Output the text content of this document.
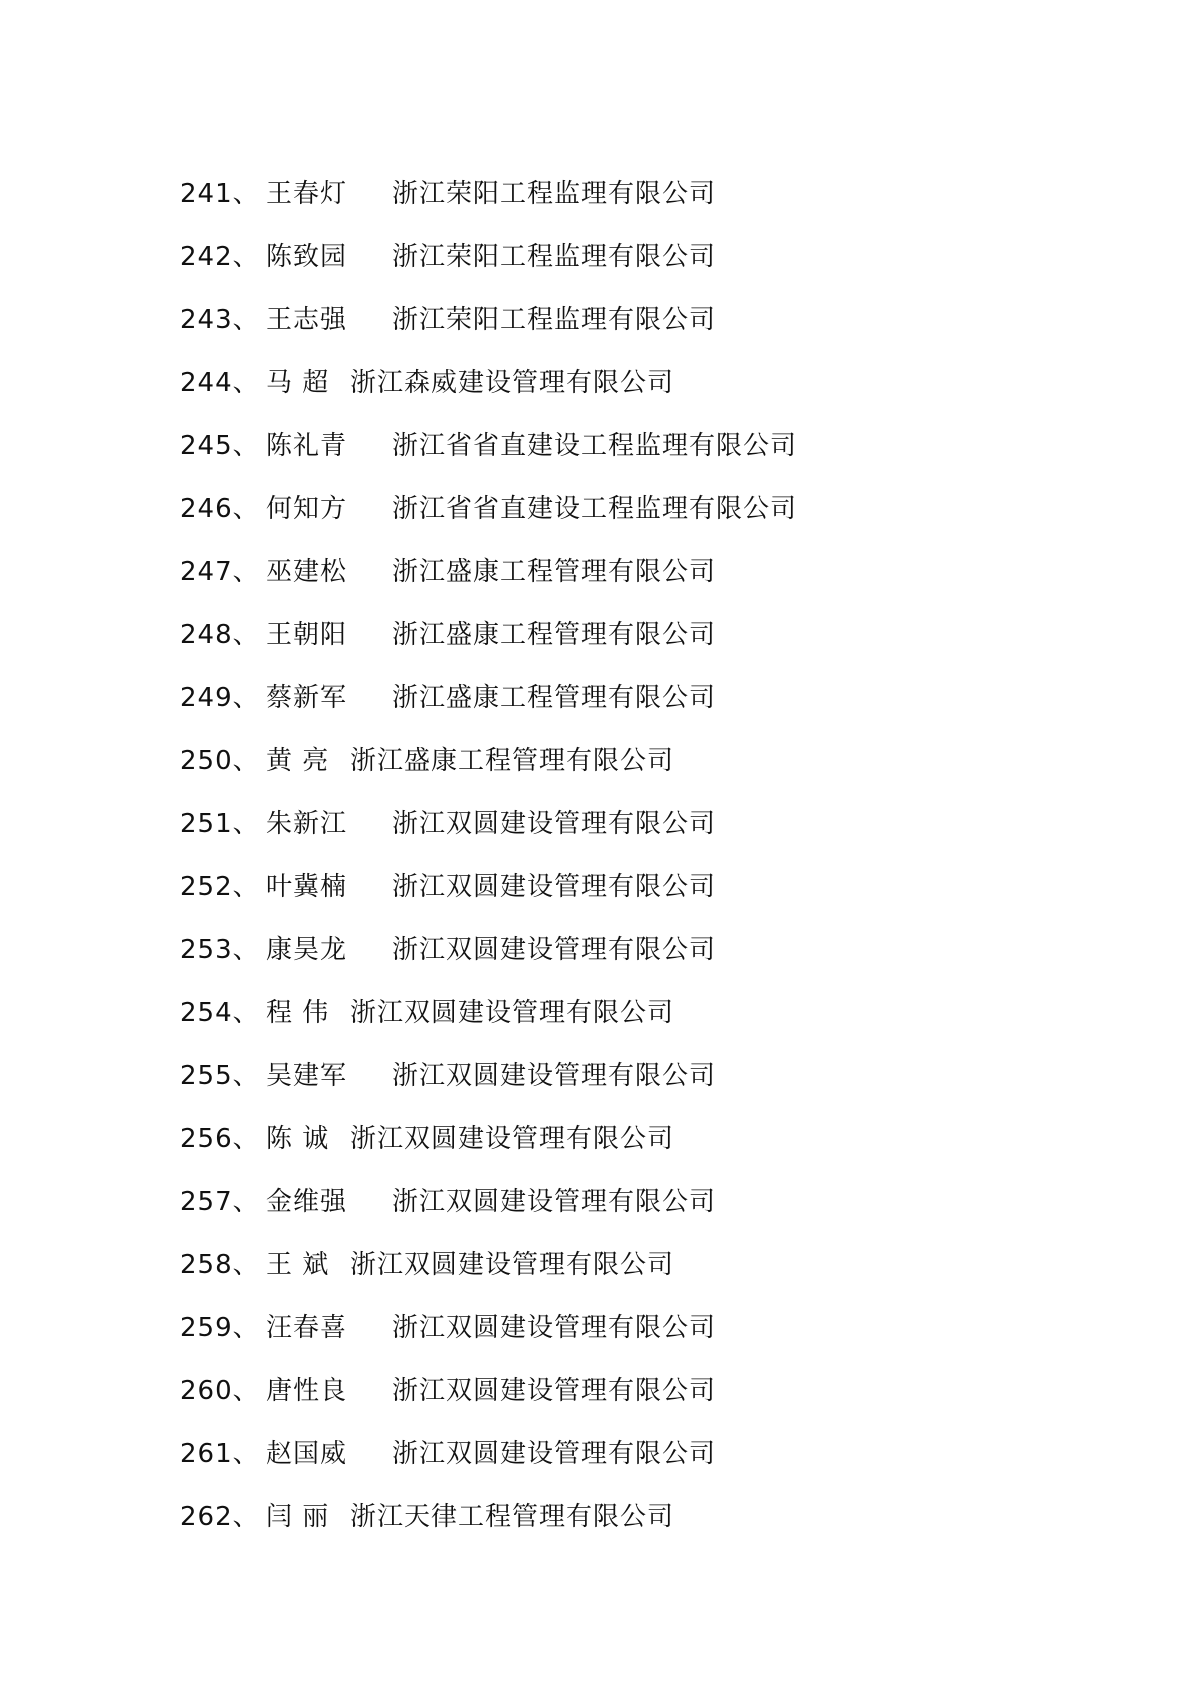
241、 王春灯	浙江荣阳工程监理有限公司
242、 陈致园	浙江荣阳工程监理有限公司
243、 王志强	浙江荣阳工程监理有限公司
244、 马 超 浙江森威建设管理有限公司
245、 陈礼青	浙江省省直建设工程监理有限公司
246、 何知方	浙江省省直建设工程监理有限公司
247、 巫建松	浙江盛康工程管理有限公司
248、 王朝阳	浙江盛康工程管理有限公司
249、 蔡新军	浙江盛康工程管理有限公司
250、 黄 亮 浙江盛康工程管理有限公司
251、 朱新江	浙江双圆建设管理有限公司
252、 叶冀楠	浙江双圆建设管理有限公司
253、 康昊龙	浙江双圆建设管理有限公司
254、 程 伟 浙江双圆建设管理有限公司
255、 吴建军	浙江双圆建设管理有限公司
256、 陈 诚 浙江双圆建设管理有限公司
257、 金维强	浙江双圆建设管理有限公司
258、 王 斌 浙江双圆建设管理有限公司
259、 汪春喜	浙江双圆建设管理有限公司
260、 唐性良	浙江双圆建设管理有限公司
261、 赵国威	浙江双圆建设管理有限公司
262、 闫 丽 浙江天律工程管理有限公司
